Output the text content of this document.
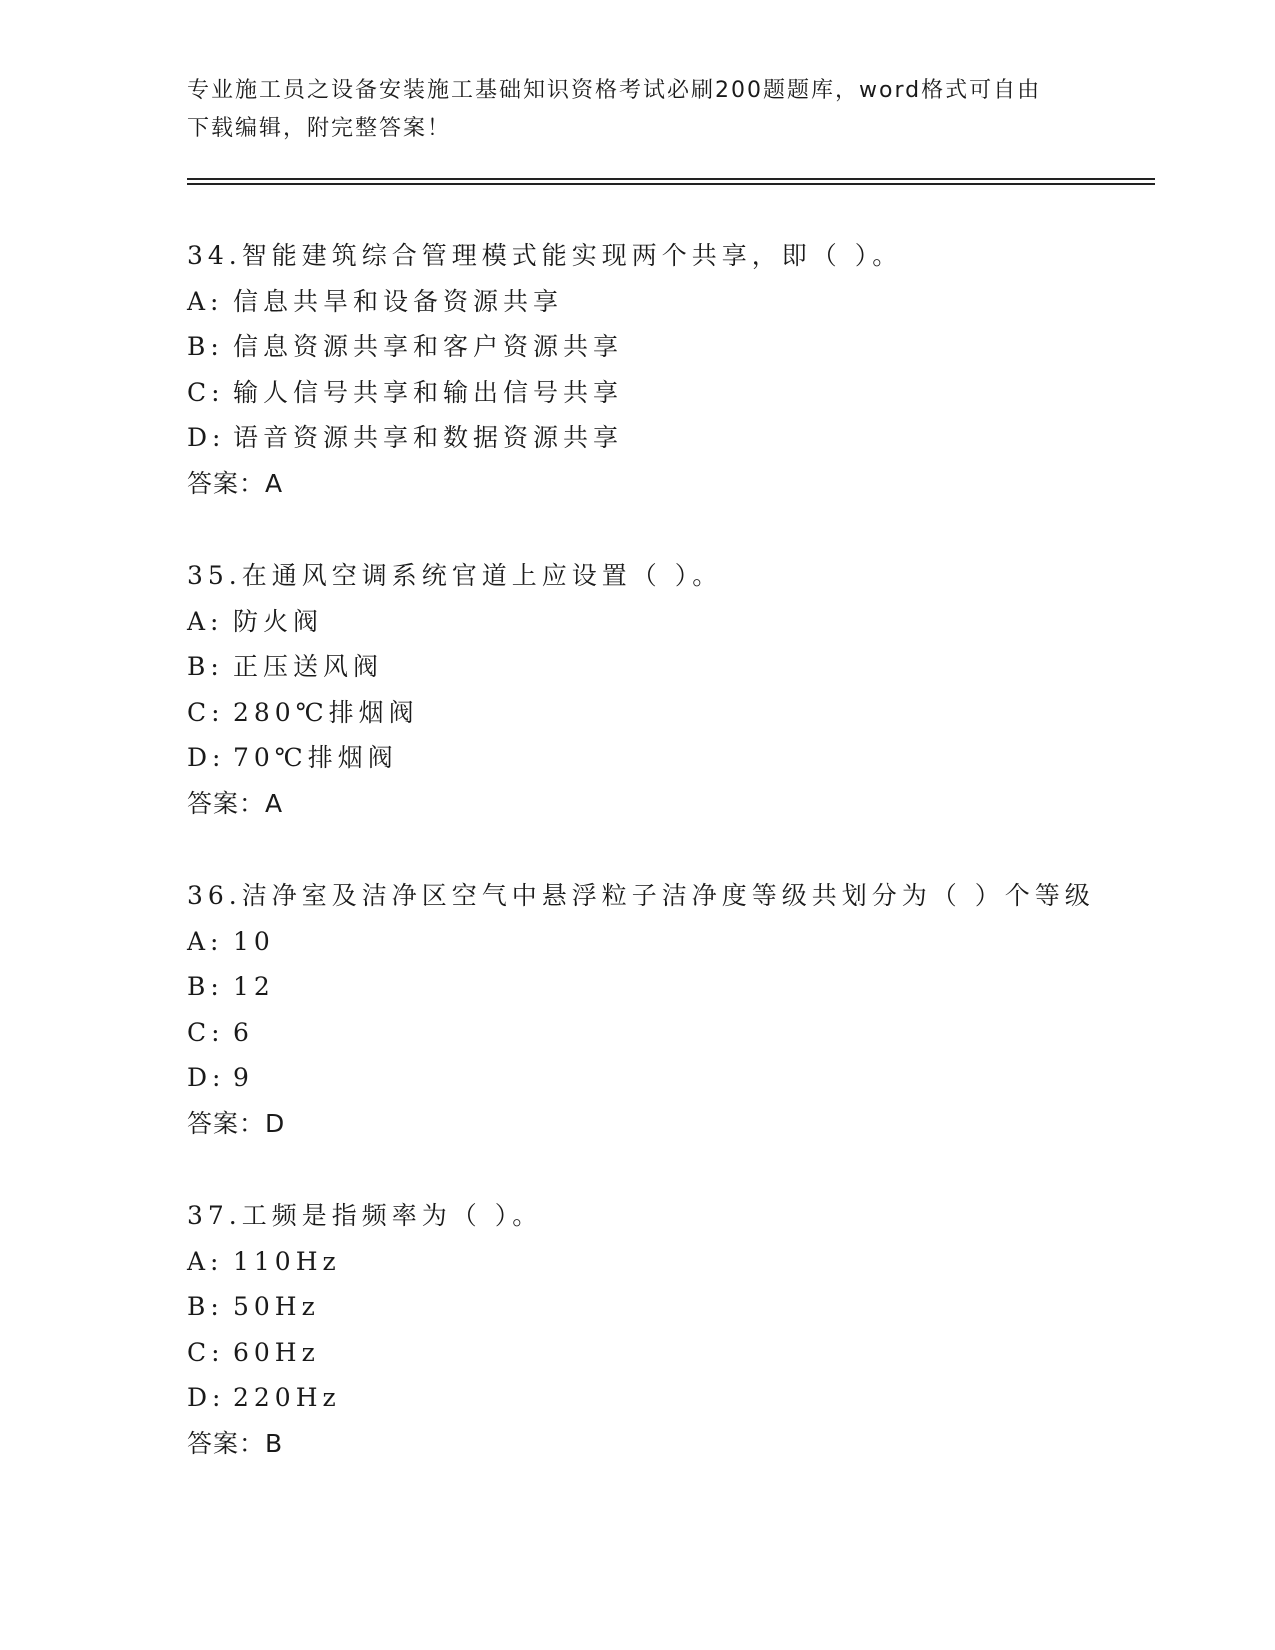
专业施工员之设备安装施工基础知识资格考试必刷200题题库，word格式可自由
下载编辑，附完整答案！
34.智能建筑综合管理模式能实现两个共享，即（ ）。
A: 信息共旱和设备资源共享
B: 信息资源共享和客户资源共享
C: 输人信号共享和输出信号共享
D: 语音资源共享和数据资源共享
答案：A
35.在通风空调系统官道上应设置（ ）。
A: 防火阀
B: 正压送风阀
C: 280℃排烟阀
D: 70℃排烟阀
答案：A
36.洁净室及洁净区空气中悬浮粒子洁净度等级共划分为（ ）个等级
A: 10
B: 12
C: 6
D: 9
答案：D
37.工频是指频率为（ ）。
A: 110Hz
B: 50Hz
C: 60Hz
D: 220Hz
答案：B
